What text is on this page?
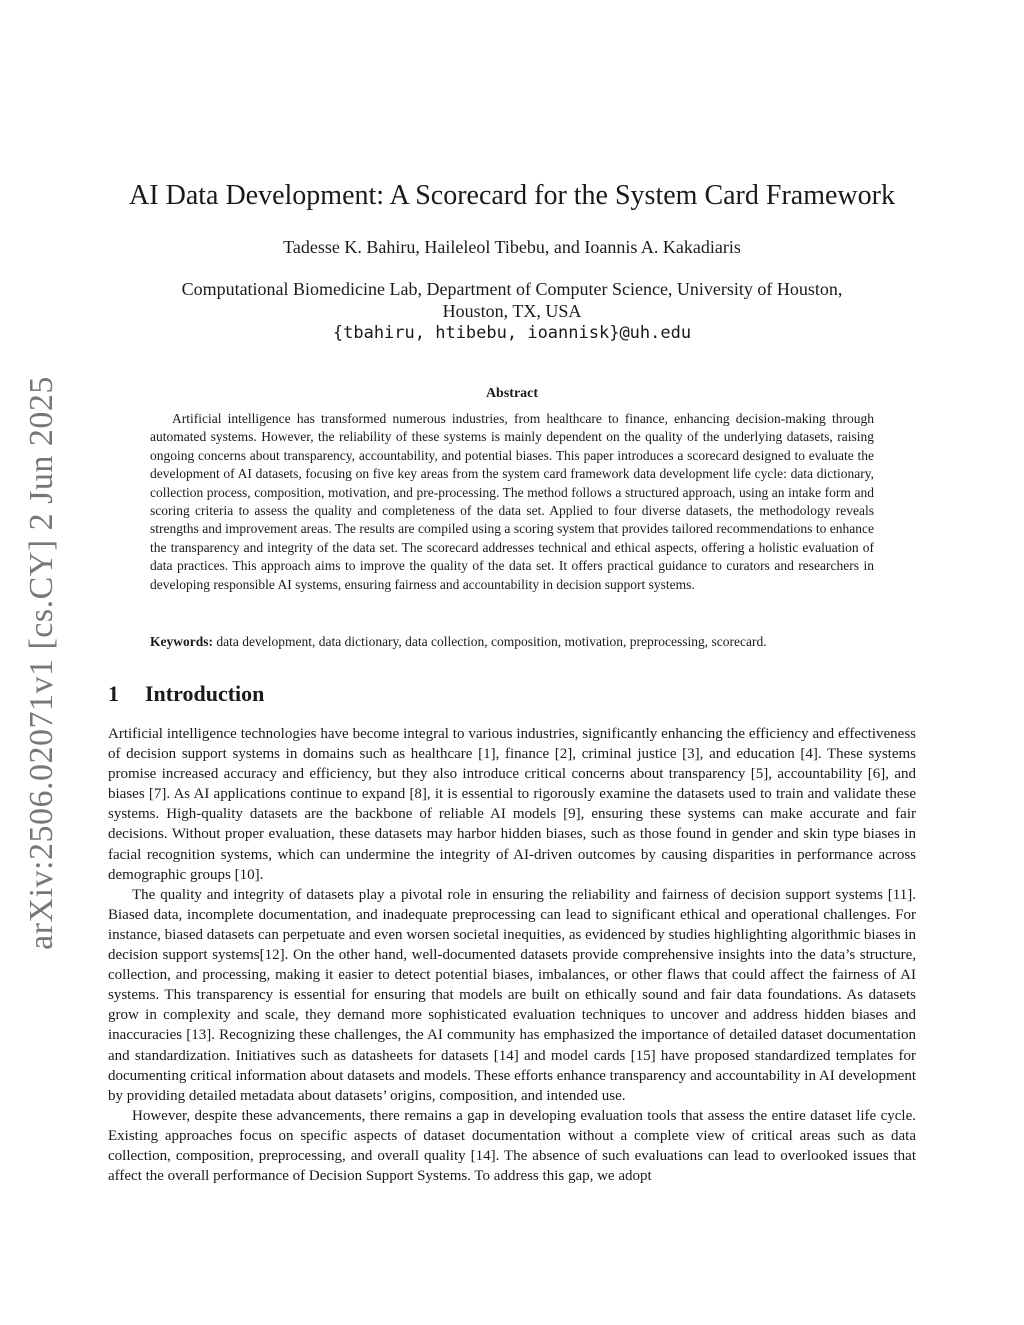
arXiv:2506.02071v1 [cs.CY] 2 Jun 2025
AI Data Development: A Scorecard for the System Card Framework

Tadesse K. Bahiru, Haileleol Tibebu, and Ioannis A. Kakadiaris

Computational Biomedicine Lab, Department of Computer Science, University of Houston,
Houston, TX, USA
{tbahiru, htibebu, ioannisk}@uh.edu
Abstract

Artificial intelligence has transformed numerous industries, from healthcare to finance, enhancing decision-making through automated systems. However, the reliability of these systems is mainly dependent on the quality of the underlying datasets, raising ongoing concerns about transparency, accountability, and potential biases. This paper introduces a scorecard designed to evaluate the development of AI datasets, focusing on five key areas from the system card framework data development life cycle: data dictionary, collection process, composition, motivation, and pre-processing. The method follows a structured approach, using an intake form and scoring criteria to assess the quality and completeness of the data set. Applied to four diverse datasets, the methodology reveals strengths and improvement areas. The results are compiled using a scoring system that provides tailored recommendations to enhance the transparency and integrity of the data set. The scorecard addresses technical and ethical aspects, offering a holistic evaluation of data practices. This approach aims to improve the quality of the data set. It offers practical guidance to curators and researchers in developing responsible AI systems, ensuring fairness and accountability in decision support systems.

Keywords: data development, data dictionary, data collection, composition, motivation, preprocessing, scorecard.

1 Introduction

Artificial intelligence technologies have become integral to various industries, significantly enhancing the efficiency and effectiveness of decision support systems in domains such as healthcare [1], finance [2], criminal justice [3], and education [4]. These systems promise increased accuracy and efficiency, but they also introduce critical concerns about transparency [5], accountability [6], and biases [7]. As AI applications continue to expand [8], it is essential to rigorously examine the datasets used to train and validate these systems. High-quality datasets are the backbone of reliable AI models [9], ensuring these systems can make accurate and fair decisions. Without proper evaluation, these datasets may harbor hidden biases, such as those found in gender and skin type biases in facial recognition systems, which can undermine the integrity of AI-driven outcomes by causing disparities in performance across demographic groups [10].

The quality and integrity of datasets play a pivotal role in ensuring the reliability and fairness of decision support systems [11]. Biased data, incomplete documentation, and inadequate preprocessing can lead to significant ethical and operational challenges. For instance, biased datasets can perpetuate and even worsen societal inequities, as evidenced by studies highlighting algorithmic biases in decision support systems[12]. On the other hand, well-documented datasets provide comprehensive insights into the data’s structure, collection, and processing, making it easier to detect potential biases, imbalances, or other flaws that could affect the fairness of AI systems. This transparency is essential for ensuring that models are built on ethically sound and fair data foundations. As datasets grow in complexity and scale, they demand more sophisticated evaluation techniques to uncover and address hidden biases and inaccuracies [13]. Recognizing these challenges, the AI community has emphasized the importance of detailed dataset documentation and standardization. Initiatives such as datasheets for datasets [14] and model cards [15] have proposed standardized templates for documenting critical information about datasets and models. These efforts enhance transparency and accountability in AI development by providing detailed metadata about datasets’ origins, composition, and intended use.

However, despite these advancements, there remains a gap in developing evaluation tools that assess the entire dataset life cycle. Existing approaches focus on specific aspects of dataset documentation without a complete view of critical areas such as data collection, composition, preprocessing, and overall quality [14]. The absence of such evaluations can lead to overlooked issues that affect the overall performance of Decision Support Systems. To address this gap, we adopt
